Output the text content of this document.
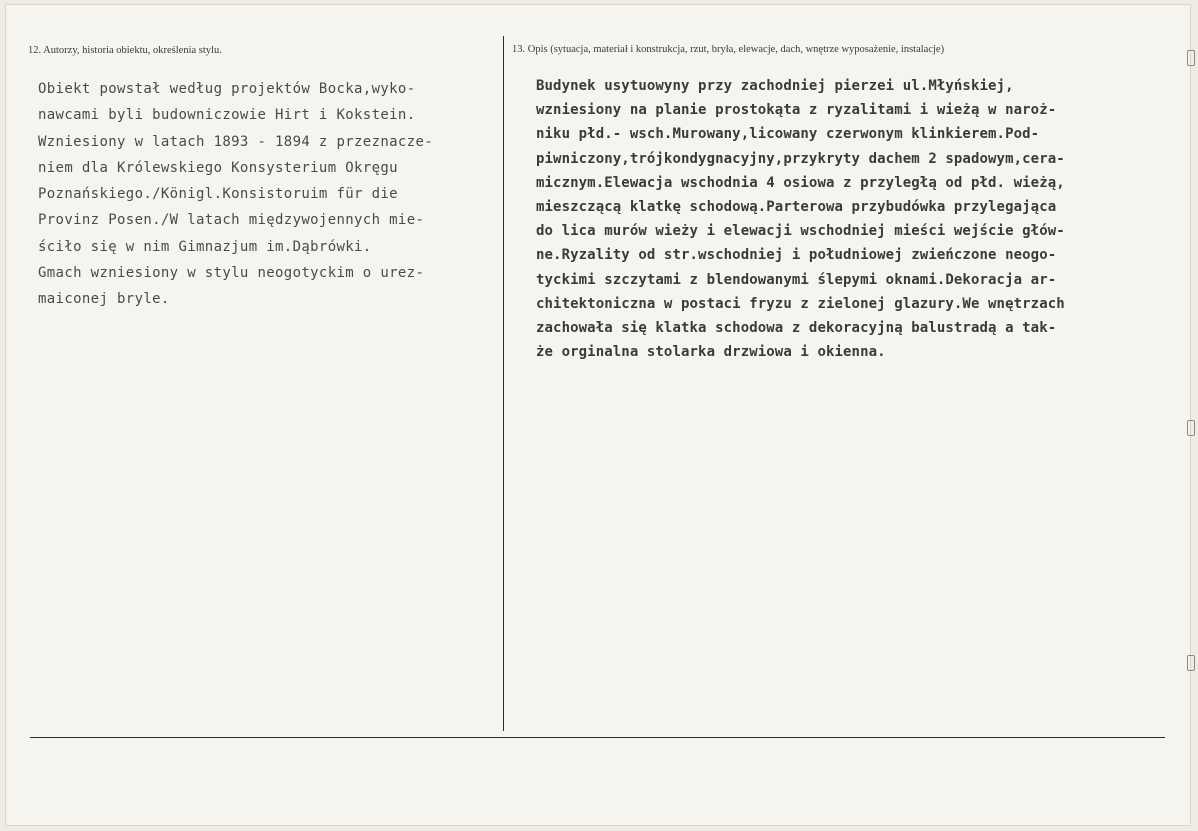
12. Autorzy, historia obiektu, określenia stylu.	13. Opis (sytuacja, materiał i konstrukcja, rzut, bryła, elewacje, dach, wnętrze wyposażenie, instalacje)
Obiekt powstał według projektów Bocka,wyko-
nawcami byli budowniczowie Hirt i Kokstein.
Wzniesiony w latach 1893 - 1894 z przeznacze-
niem dla Królewskiego Konsysterium Okręgu
Poznańskiego./Königl.Konsistoruim für die
Provinz Posen./W latach międzywojennych mie-
ściło się w nim Gimnazjum im.Dąbrówki.
Gmach wzniesiony w stylu neogotyckim o urez-
maiconej bryle.
Budynek usytuowyny przy zachodniej pierzei ul.Młyńskiej,
wzniesiony na planie prostokąta z ryzalitami i wieżą w naroż-
niku płd.- wsch.Murowany,licowany czerwonym klinkierem.Pod-
piwniczony,trójkondygnacyjny,przykryty dachem 2 spadowym,cera-
micznym.Elewacja wschodnia 4 osiowa z przyległą od płd. wieżą,
mieszczącą klatkę schodową.Parterowa przybudówka przylegająca
do lica murów wieży i elewacji wschodniej mieści wejście głów-
ne.Ryzality od str.wschodniej i południowej zwieńczone neogo-
tyckimi szczytami z blendowanymi ślepymi oknami.Dekoracja ar-
chitektoniczna w postaci fryzu z zielonej glazury.We wnętrzach
zachowała się klatka schodowa z dekoracyjną balustradą a tak-
że orginalna stolarka drzwiowa i okienna.
